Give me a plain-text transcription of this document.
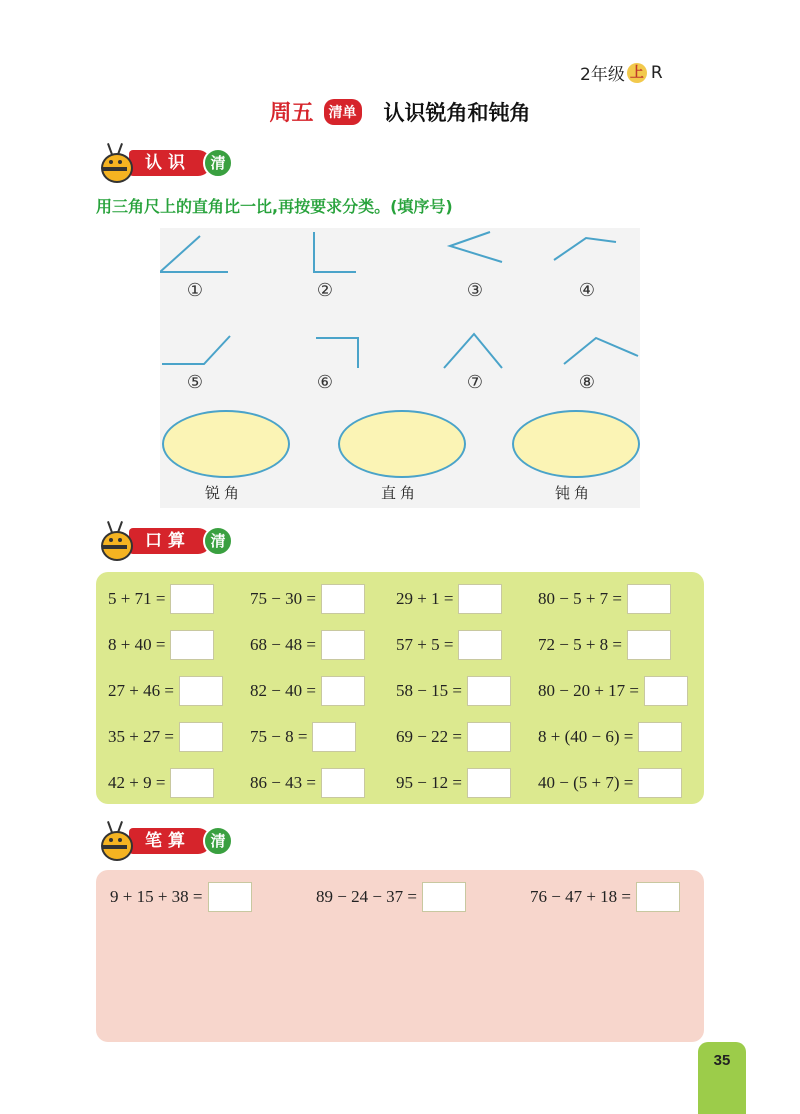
2年级 上 R
周五	清单 认识锐角和钝角
认识	清
用三角尺上的直角比一比,再按要求分类。(填序号)
①	②	③	④
⑤	⑥	⑦	⑧
锐角	直角	钝角
口算	清
5 + 71 =	75 − 30 =	29 + 1 =	80 − 5 + 7 =
8 + 40 =	68 − 48 =	57 + 5 =	72 − 5 + 8 =
27 + 46 =	82 − 40 =	58 − 15 =	80 − 20 + 17 =
35 + 27 =	75 − 8 =	69 − 22 =	8 + (40 − 6) =
42 + 9 =	86 − 43 =	95 − 12 =	40 − (5 + 7) =
笔算	清
9 + 15 + 38 =	89 − 24 − 37 =	76 − 47 + 18 =
35
